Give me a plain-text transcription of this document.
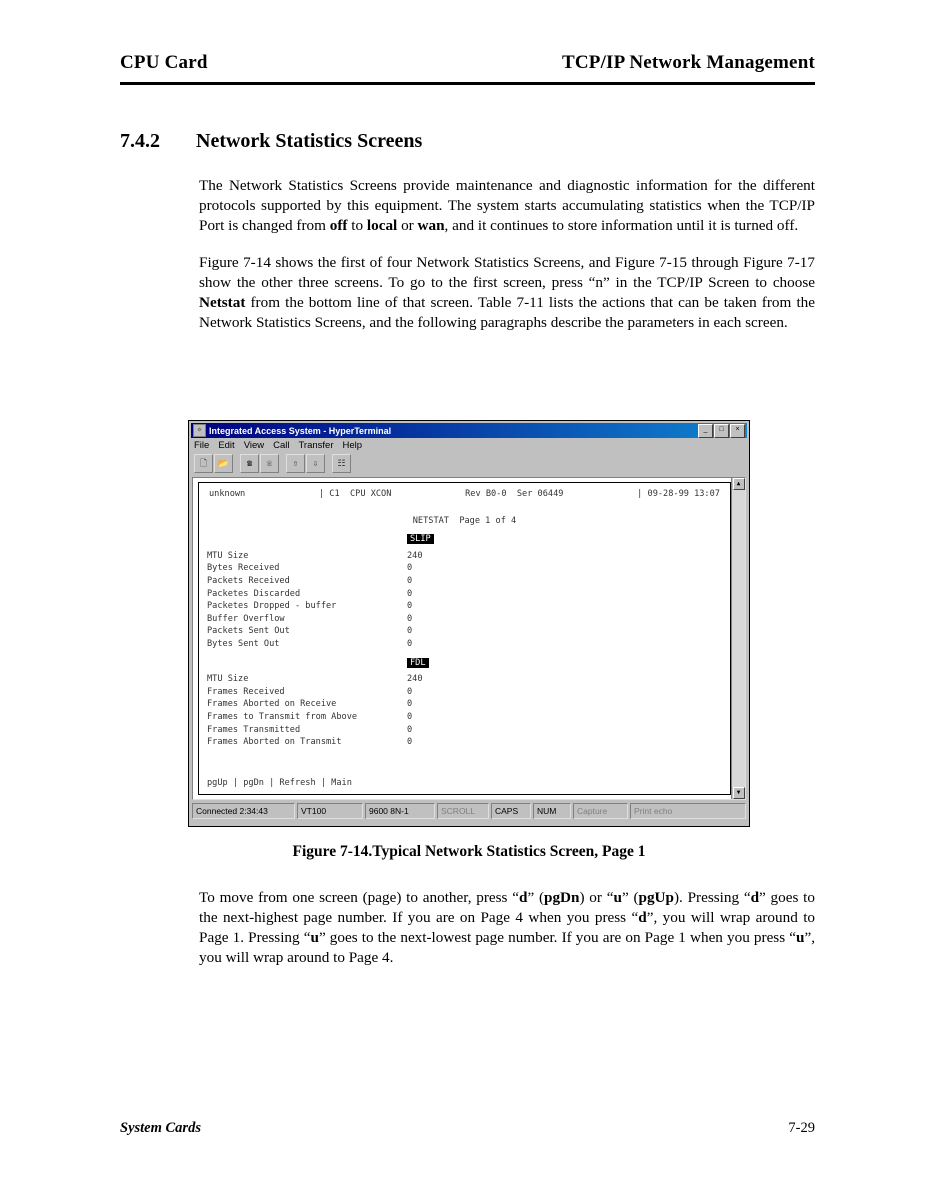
CPU Card	TCP/IP Network Management
7.4.2 Network Statistics Screens

The Network Statistics Screens provide maintenance and diagnostic information for the different protocols supported by this equipment. The system starts accumulating statistics when the TCP/IP Port is changed from off to local or wan, and it continues to store information until it is turned off.

Figure 7-14 shows the first of four Network Statistics Screens, and Figure 7-15 through Figure 7-17 show the other three screens. To go to the first screen, press “n” in the TCP/IP Screen to choose Netstat from the bottom line of that screen. Table 7-11 lists the actions that can be taken from the Network Statistics Screens, and the following paragraphs describe the parameters in each screen.

☼ Integrated Access System - HyperTerminal	_	□	×
File Edit View Call Transfer Help
🗋	📂	☎	☏	⇧	⇩	☷
unknown	| C1  CPU XCON	Rev B0-0  Ser 06449	| 09-28-99 13:07
NETSTAT  Page 1 of 4
SLIP
MTU Size	240
Bytes Received	0
Packets Received	0
Packetes Discarded	0
Packetes Dropped - buffer	0
Buffer Overflow	0
Packets Sent Out	0
Bytes Sent Out	0
FDL
MTU Size	240
Frames Received	0
Frames Aborted on Receive	0
Frames to Transmit from Above	0
Frames Transmitted	0
Frames Aborted on Transmit	0
pgUp | pgDn | Refresh | Main
▲
▼
Connected 2:34:43	VT100	9600 8N-1	SCROLL	CAPS	NUM	Capture	Print echo
Figure 7-14.Typical Network Statistics Screen, Page 1

To move from one screen (page) to another, press “d” (pgDn) or “u” (pgUp). Pressing “d” goes to the next-highest page number. If you are on Page 4 when you press “d”, you will wrap around to Page 1. Pressing “u” goes to the next-lowest page number. If you are on Page 1 when you press “u”, you will wrap around to Page 4.

System Cards	7-29
